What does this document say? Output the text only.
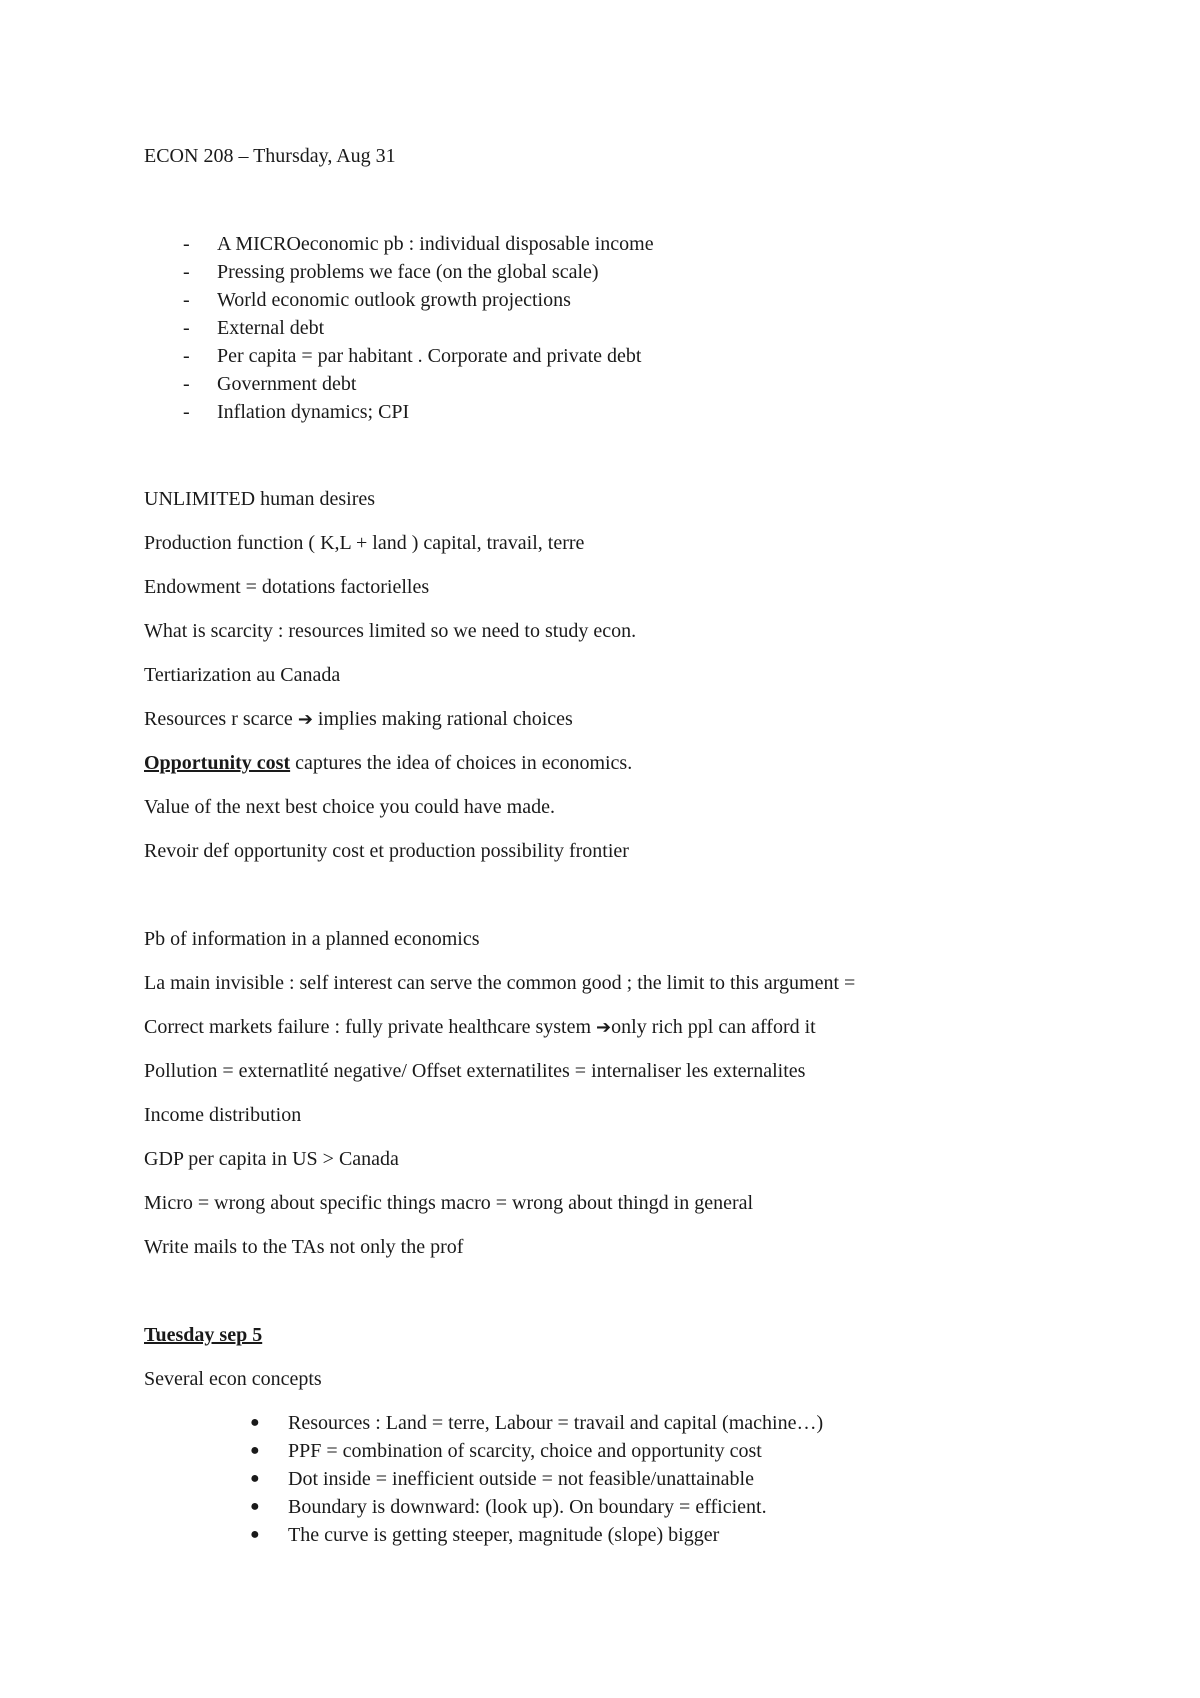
ECON 208 – Thursday, Aug 31
-	A MICROeconomic pb : individual disposable income
-	Pressing problems we face (on the global scale)
-	World economic outlook growth projections
-	External debt
-	Per capita = par habitant . Corporate and private debt
-	Government debt
-	Inflation dynamics; CPI
UNLIMITED human desires
Production function ( K,L + land ) capital, travail, terre
Endowment = dotations factorielles
What is scarcity : resources limited so we need to study econ.
Tertiarization au Canada
Resources r scarce ➔ implies making rational choices
Opportunity cost captures the idea of choices in economics.
Value of the next best choice you could have made.
Revoir def opportunity cost et production possibility frontier
Pb of information in a planned economics
La main invisible : self interest can serve the common good ; the limit to this argument =
Correct markets failure : fully private healthcare system ➔only rich ppl can afford it
Pollution = externatlité negative/ Offset externatilites = internaliser les externalites
Income distribution
GDP per capita in US > Canada
Micro = wrong about specific things macro = wrong about thingd in general
Write mails to the TAs not only the prof
Tuesday sep 5
Several econ concepts
● Resources : Land = terre, Labour = travail and capital (machine…)
● PPF = combination of scarcity, choice and opportunity cost
● Dot inside = inefficient outside = not feasible/unattainable
● Boundary is downward: (look up). On boundary = efficient.
● The curve is getting steeper, magnitude (slope) bigger
